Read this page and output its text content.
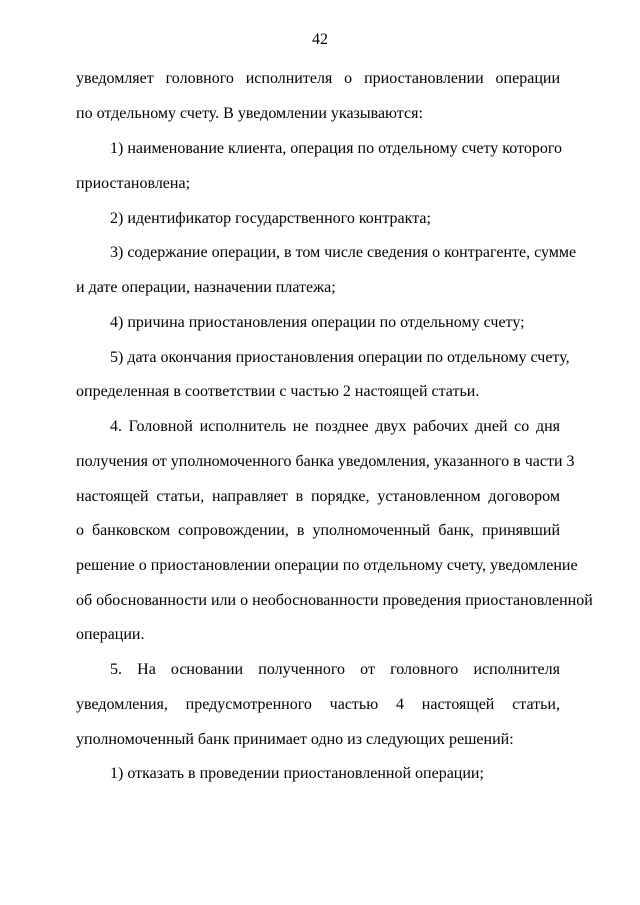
42
уведомляет головного исполнителя о приостановлении операции
по отдельному счету. В уведомлении указываются:
1) наименование клиента, операция по отдельному счету которого
приостановлена;
2) идентификатор государственного контракта;
3) содержание операции, в том числе сведения о контрагенте, сумме
и дате операции, назначении платежа;
4) причина приостановления операции по отдельному счету;
5) дата окончания приостановления операции по отдельному счету,
определенная в соответствии с частью 2 настоящей статьи.
4. Головной исполнитель не позднее двух рабочих дней со дня
получения от уполномоченного банка уведомления, указанного в части 3
настоящей статьи, направляет в порядке, установленном договором
о банковском сопровождении, в уполномоченный банк, принявший
решение о приостановлении операции по отдельному счету, уведомление
об обоснованности или о необоснованности проведения приостановленной
операции.
5. На основании полученного от головного исполнителя
уведомления, предусмотренного частью 4 настоящей статьи,
уполномоченный банк принимает одно из следующих решений:
1) отказать в проведении приостановленной операции;
